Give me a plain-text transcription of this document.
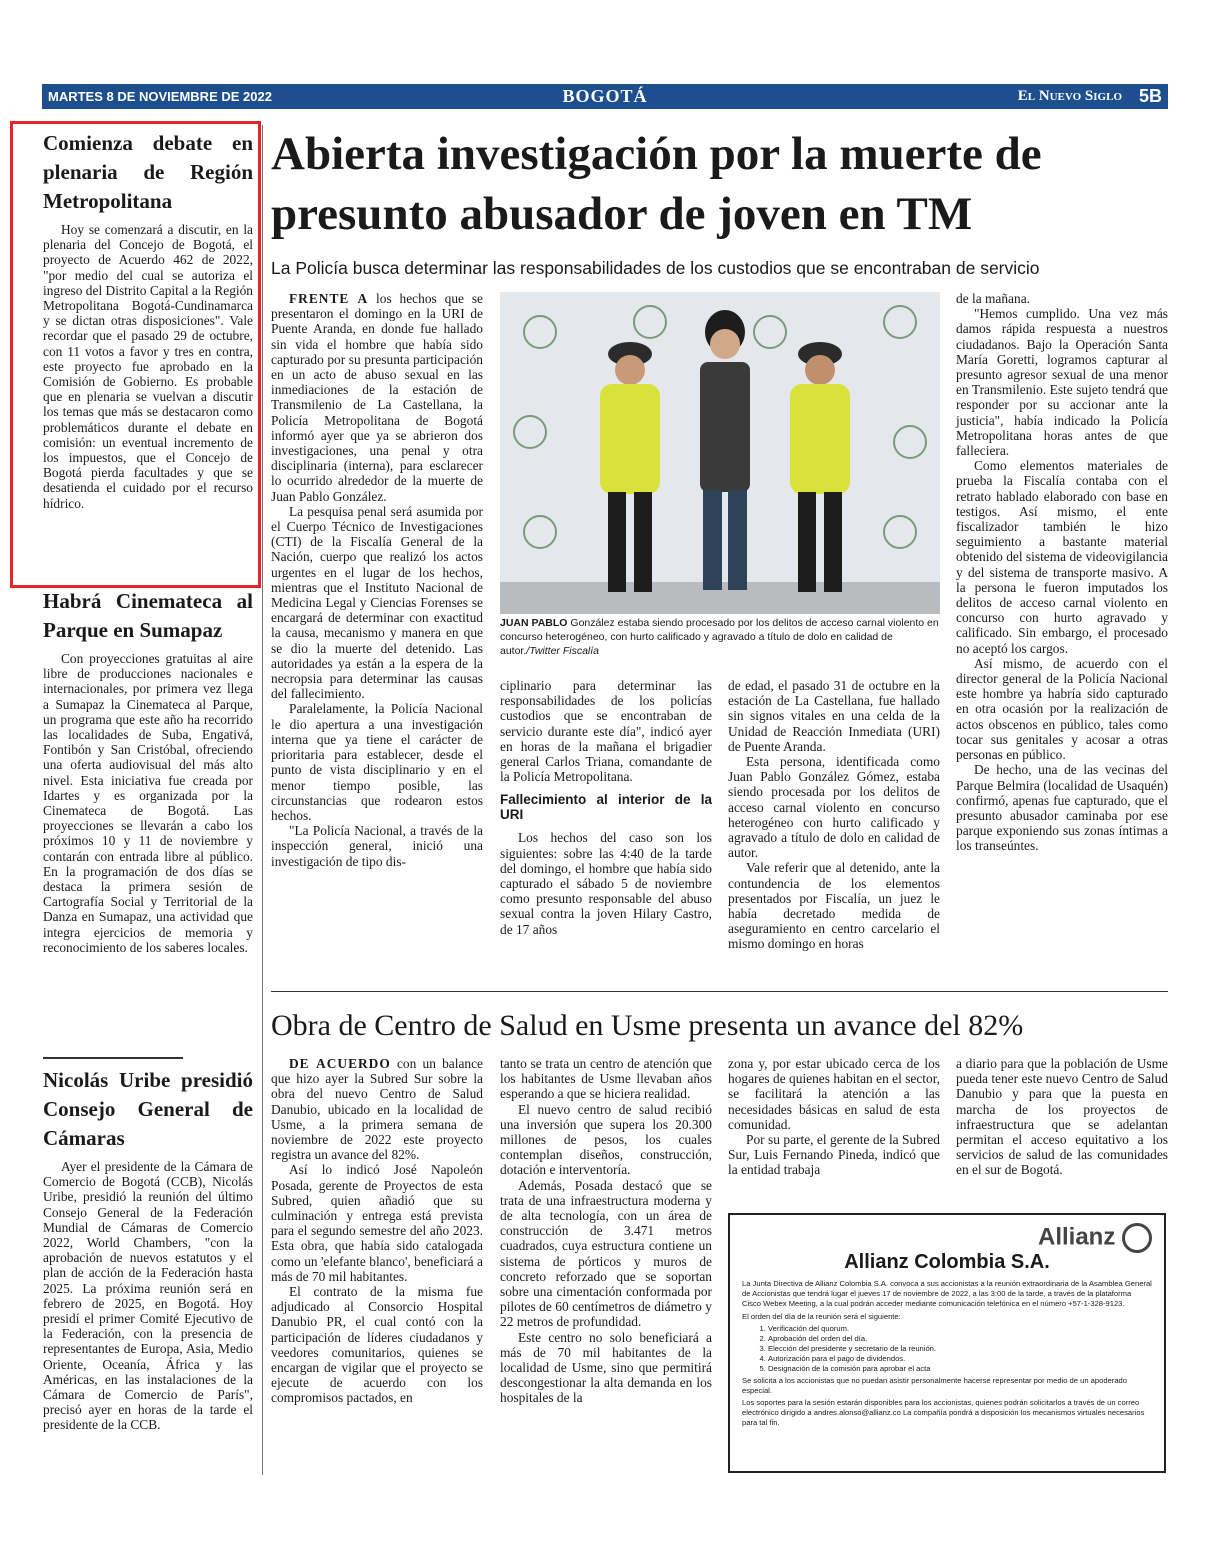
MARTES 8 DE NOVIEMBRE DE 2022	BOGOTÁ	El Nuevo Siglo 5B
Comienza debate en plenaria de Región Metropolitana

Hoy se comenzará a discutir, en la plenaria del Concejo de Bogotá, el proyecto de Acuerdo 462 de 2022, "por medio del cual se autoriza el ingreso del Distrito Capital a la Región Metropolitana Bogotá-Cundinamarca y se dictan otras disposiciones". Vale recordar que el pasado 29 de octubre, con 11 votos a favor y tres en contra, este proyecto fue aprobado en la Comisión de Gobierno. Es probable que en plenaria se vuelvan a discutir los temas que más se destacaron como problemáticos durante el debate en comisión: un eventual incremento de los impuestos, que el Concejo de Bogotá pierda facultades y que se desatienda el cuidado por el recurso hídrico.

Habrá Cinemateca al Parque en Sumapaz

Con proyecciones gratuitas al aire libre de producciones nacionales e internacionales, por primera vez llega a Sumapaz la Cinemateca al Parque, un programa que este año ha recorrido las localidades de Suba, Engativá, Fontibón y San Cristóbal, ofreciendo una oferta audiovisual del más alto nivel. Esta iniciativa fue creada por Idartes y es organizada por la Cinemateca de Bogotá. Las proyecciones se llevarán a cabo los próximos 10 y 11 de noviembre y contarán con entrada libre al público. En la programación de dos días se destaca la primera sesión de Cartografía Social y Territorial de la Danza en Sumapaz, una actividad que integra ejercicios de memoria y reconocimiento de los saberes locales.

Nicolás Uribe presidió Consejo General de Cámaras

Ayer el presidente de la Cámara de Comercio de Bogotá (CCB), Nicolás Uribe, presidió la reunión del último Consejo General de la Federación Mundial de Cámaras de Comercio 2022, World Chambers, "con la aprobación de nuevos estatutos y el plan de acción de la Federación hasta 2025. La próxima reunión será en febrero de 2025, en Bogotá. Hoy presidí el primer Comité Ejecutivo de la Federación, con la presencia de representantes de Europa, Asia, Medio Oriente, Oceanía, África y las Américas, en las instalaciones de la Cámara de Comercio de París", precisó ayer en horas de la tarde el presidente de la CCB.

Abierta investigación por la muerte de presunto abusador de joven en TM

La Policía busca determinar las responsabilidades de los custodios que se encontraban de servicio

FRENTE A los hechos que se presentaron el domingo en la URI de Puente Aranda, en donde fue hallado sin vida el hombre que había sido capturado por su presunta participación en un acto de abuso sexual en las inmediaciones de la estación de Transmilenio de La Castellana, la Policía Metropolitana de Bogotá informó ayer que ya se abrieron dos investigaciones, una penal y otra disciplinaria (interna), para esclarecer lo ocurrido alrededor de la muerte de Juan Pablo González.

La pesquisa penal será asumida por el Cuerpo Técnico de Investigaciones (CTI) de la Fiscalía General de la Nación, cuerpo que realizó los actos urgentes en el lugar de los hechos, mientras que el Instituto Nacional de Medicina Legal y Ciencias Forenses se encargará de determinar con exactitud la causa, mecanismo y manera en que se dio la muerte del detenido. Las autoridades ya están a la espera de la necropsia para determinar las causas del fallecimiento.

Paralelamente, la Policía Nacional le dio apertura a una investigación interna que ya tiene el carácter de prioritaria para establecer, desde el punto de vista disciplinario y en el menor tiempo posible, las circunstancias que rodearon estos hechos.

"La Policía Nacional, a través de la inspección general, inició una investigación de tipo dis-

JUAN PABLO González estaba siendo procesado por los delitos de acceso carnal violento en concurso heterogéneo, con hurto calificado y agravado a título de dolo en calidad de autor./Twitter Fiscalía

ciplinario para determinar las responsabilidades de los policías custodios que se encontraban de servicio durante este día", indicó ayer en horas de la mañana el brigadier general Carlos Triana, comandante de la Policía Metropolitana.

Fallecimiento al interior de la URI

Los hechos del caso son los siguientes: sobre las 4:40 de la tarde del domingo, el hombre que había sido capturado el sábado 5 de noviembre como presunto responsable del abuso sexual contra la joven Hilary Castro, de 17 años

de edad, el pasado 31 de octubre en la estación de La Castellana, fue hallado sin signos vitales en una celda de la Unidad de Reacción Inmediata (URI) de Puente Aranda.

Esta persona, identificada como Juan Pablo González Gómez, estaba siendo procesada por los delitos de acceso carnal violento en concurso heterogéneo con hurto calificado y agravado a título de dolo en calidad de autor.

Vale referir que al detenido, ante la contundencia de los elementos presentados por Fiscalía, un juez le había decretado medida de aseguramiento en centro carcelario el mismo domingo en horas

de la mañana.

"Hemos cumplido. Una vez más damos rápida respuesta a nuestros ciudadanos. Bajo la Operación Santa María Goretti, logramos capturar al presunto agresor sexual de una menor en Transmilenio. Este sujeto tendrá que responder por su accionar ante la justicia", había indicado la Policía Metropolitana horas antes de que falleciera.

Como elementos materiales de prueba la Fiscalía contaba con el retrato hablado elaborado con base en testigos. Así mismo, el ente fiscalizador también le hizo seguimiento a bastante material obtenido del sistema de videovigilancia y del sistema de transporte masivo. A la persona le fueron imputados los delitos de acceso carnal violento en concurso con hurto agravado y calificado. Sin embargo, el procesado no aceptó los cargos.

Así mismo, de acuerdo con el director general de la Policía Nacional este hombre ya habría sido capturado en otra ocasión por la realización de actos obscenos en público, tales como tocar sus genitales y acosar a otras personas en público.

De hecho, una de las vecinas del Parque Belmira (localidad de Usaquén) confirmó, apenas fue capturado, que el presunto abusador caminaba por ese parque exponiendo sus zonas íntimas a los transeúntes.

Obra de Centro de Salud en Usme presenta un avance del 82%

DE ACUERDO con un balance que hizo ayer la Subred Sur sobre la obra del nuevo Centro de Salud Danubio, ubicado en la localidad de Usme, a la primera semana de noviembre de 2022 este proyecto registra un avance del 82%.

Así lo indicó José Napoleón Posada, gerente de Proyectos de esta Subred, quien añadió que su culminación y entrega está prevista para el segundo semestre del año 2023. Esta obra, que había sido catalogada como un 'elefante blanco', beneficiará a más de 70 mil habitantes.

El contrato de la misma fue adjudicado al Consorcio Hospital Danubio PR, el cual contó con la participación de líderes ciudadanos y veedores comunitarios, quienes se encargan de vigilar que el proyecto se ejecute de acuerdo con los compromisos pactados, en

tanto se trata un centro de atención que los habitantes de Usme llevaban años esperando a que se hiciera realidad.

El nuevo centro de salud recibió una inversión que supera los 20.300 millones de pesos, los cuales contemplan diseños, construcción, dotación e interventoría.

Además, Posada destacó que se trata de una infraestructura moderna y de alta tecnología, con un área de construcción de 3.471 metros cuadrados, cuya estructura contiene un sistema de pórticos y muros de concreto reforzado que se soportan sobre una cimentación conformada por pilotes de 60 centímetros de diámetro y 22 metros de profundidad.

Este centro no solo beneficiará a más de 70 mil habitantes de la localidad de Usme, sino que permitirá descongestionar la alta demanda en los hospitales de la

zona y, por estar ubicado cerca de los hogares de quienes habitan en el sector, se facilitará la atención a las necesidades básicas en salud de esta comunidad.

Por su parte, el gerente de la Subred Sur, Luis Fernando Pineda, indicó que la entidad trabaja

a diario para que la población de Usme pueda tener este nuevo Centro de Salud Danubio y para que la puesta en marcha de los proyectos de infraestructura que se adelantan permitan el acceso equitativo a los servicios de salud de las comunidades en el sur de Bogotá.

Allianz
Allianz Colombia S.A.
La Junta Directiva de Allianz Colombia S.A. convoca a sus accionistas a la reunión extraordinaria de la Asamblea General de Accionistas que tendrá lugar el jueves 17 de noviembre de 2022, a las 3:00 de la tarde, a través de la plataforma Cisco Webex Meeting, a la cual podrán acceder mediante comunicación telefónica en el número +57-1-328-9123.
El orden del día de la reunión será el siguiente:
1. Verificación del quorum.
2. Aprobación del orden del día.
3. Elección del presidente y secretario de la reunión.
4. Autorización para el pago de dividendos.
5. Designación de la comisión para aprobar el acta
Se solicita a los accionistas que no puedan asistir personalmente hacerse representar por medio de un apoderado especial.
Los soportes para la sesión estarán disponibles para los accionistas, quienes podrán solicitarlos a través de un correo electrónico dirigido a andres.alonso@allianz.co La compañía pondrá a disposición los mecanismos virtuales necesarios para tal fin.
